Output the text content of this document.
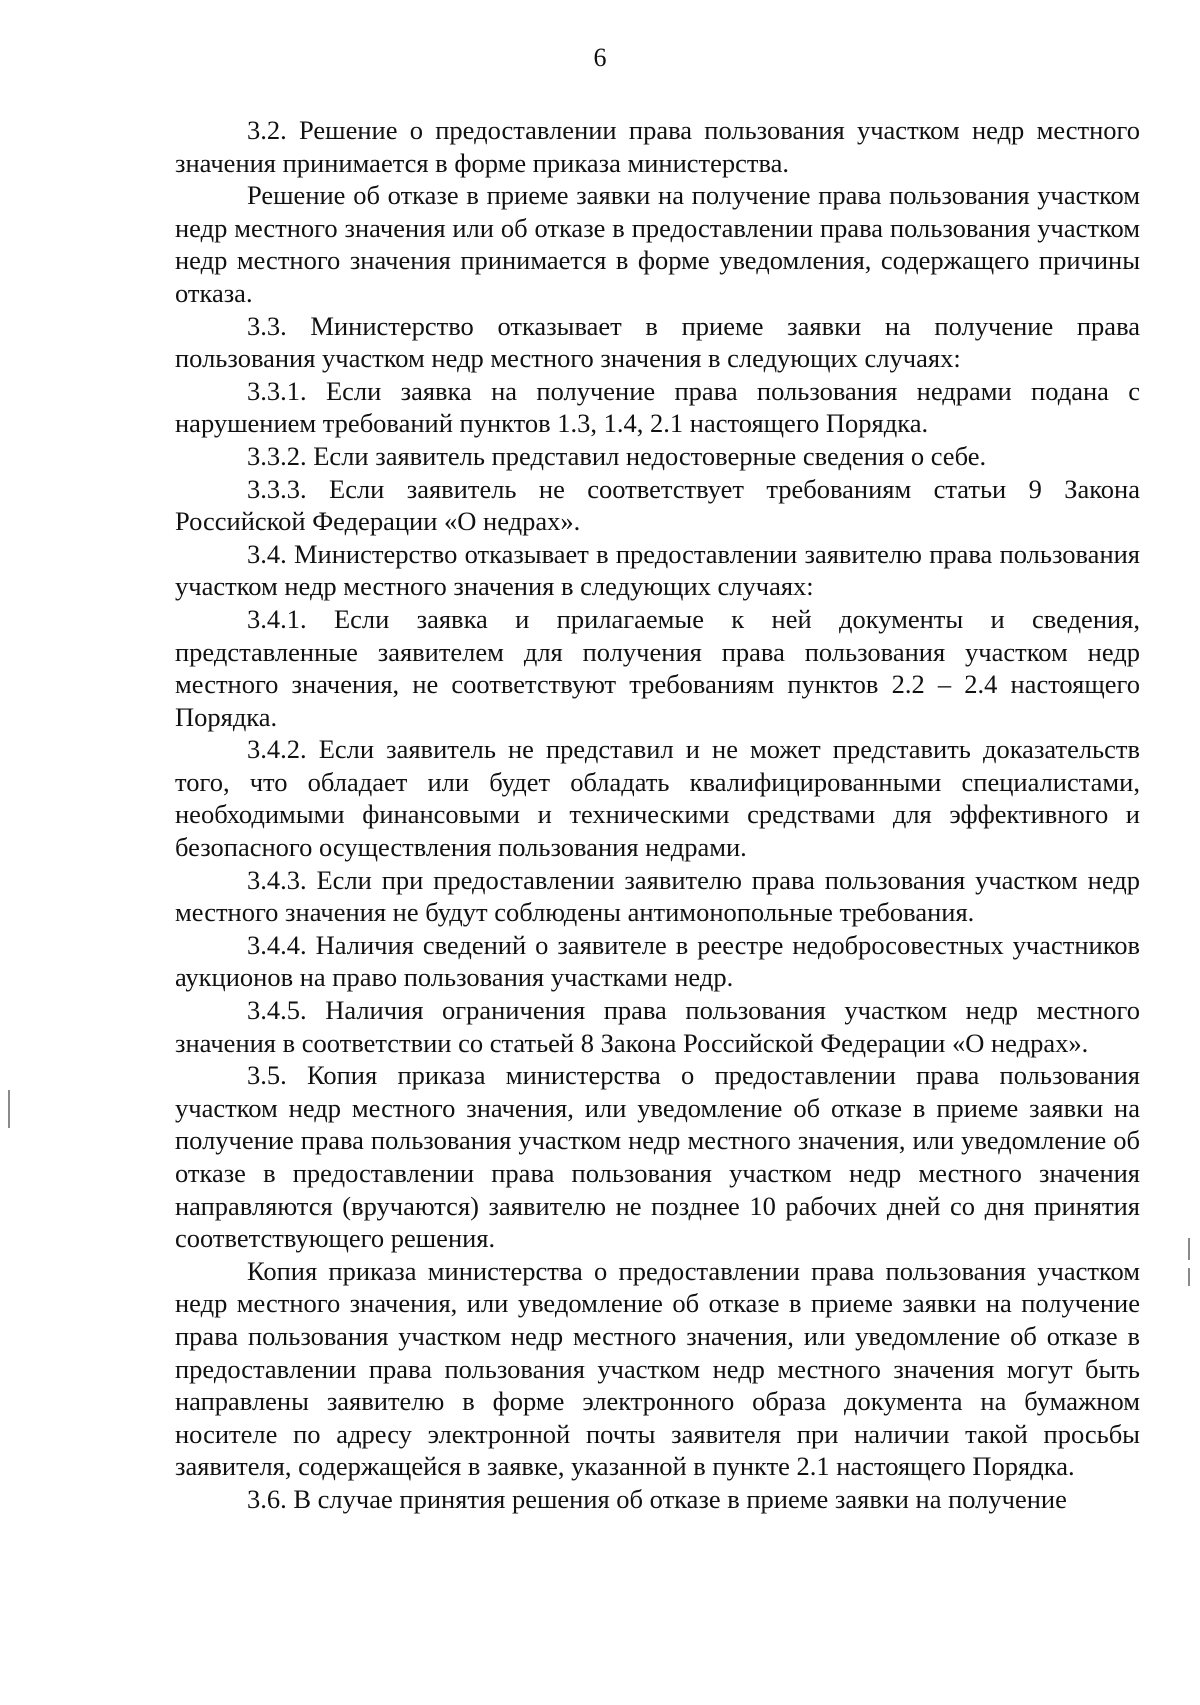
6

3.2. Решение о предоставлении права пользования участком недр местного значения принимается в форме приказа министерства.

Решение об отказе в приеме заявки на получение права пользования участком недр местного значения или об отказе в предоставлении права пользования участком недр местного значения принимается в форме уведомления, содержащего причины отказа.

3.3. Министерство отказывает в приеме заявки на получение права пользования участком недр местного значения в следующих случаях:

3.3.1. Если заявка на получение права пользования недрами подана с нарушением требований пунктов 1.3, 1.4, 2.1 настоящего Порядка.

3.3.2. Если заявитель представил недостоверные сведения о себе.

3.3.3. Если заявитель не соответствует требованиям статьи 9 Закона Российской Федерации «О недрах».

3.4. Министерство отказывает в предоставлении заявителю права пользования участком недр местного значения в следующих случаях:

3.4.1. Если заявка и прилагаемые к ней документы и сведения, представленные заявителем для получения права пользования участком недр местного значения, не соответствуют требованиям пунктов 2.2 – 2.4 настоящего Порядка.

3.4.2. Если заявитель не представил и не может представить доказательств того, что обладает или будет обладать квалифицированными специалистами, необходимыми финансовыми и техническими средствами для эффективного и безопасного осуществления пользования недрами.

3.4.3. Если при предоставлении заявителю права пользования участком недр местного значения не будут соблюдены антимонопольные требования.

3.4.4. Наличия сведений о заявителе в реестре недобросовестных участников аукционов на право пользования участками недр.

3.4.5. Наличия ограничения права пользования участком недр местного значения в соответствии со статьей 8 Закона Российской Федерации «О недрах».

3.5. Копия приказа министерства о предоставлении права пользования участком недр местного значения, или уведомление об отказе в приеме заявки на получение права пользования участком недр местного значения, или уведомление об отказе в предоставлении права пользования участком недр местного значения направляются (вручаются) заявителю не позднее 10 рабочих дней со дня принятия соответствующего решения.

Копия приказа министерства о предоставлении права пользования участком недр местного значения, или уведомление об отказе в приеме заявки на получение права пользования участком недр местного значения, или уведомление об отказе в предоставлении права пользования участком недр местного значения могут быть направлены заявителю в форме электронного образа документа на бумажном носителе по адресу электронной почты заявителя при наличии такой просьбы заявителя, содержащейся в заявке, указанной в пункте 2.1 настоящего Порядка.

3.6. В случае принятия решения об отказе в приеме заявки на получение
